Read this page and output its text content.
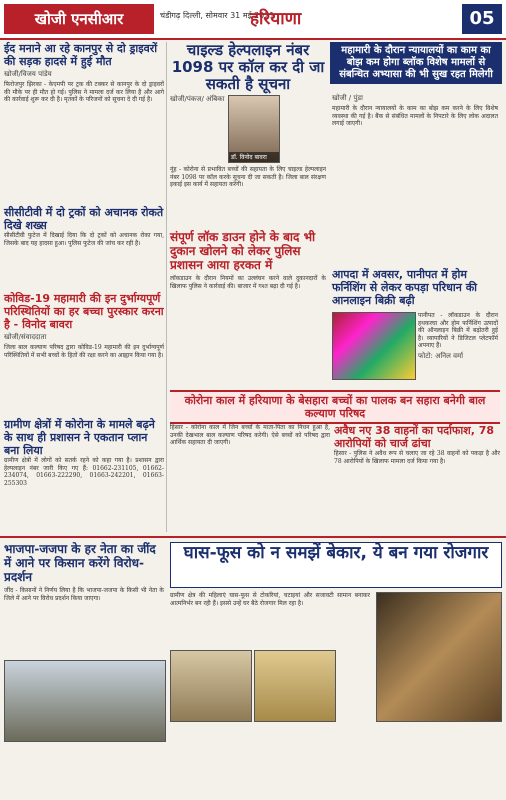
खोजी एनसीआर	चंडीगढ़ दिल्ली, सोमवार 31 मई 2021
हरियाणा	05
ईद मनाने आ रहे कानपुर से दो ड्राइवरों की सड़क हादसे में हुई मौत
खोजी/विजय पांडेय
फिरोजपुर झिरका - केएमपी पर ट्रक की टक्कर से कानपुर के दो ड्राइवरों की मौके पर ही मौत हो गई। पुलिस ने मामला दर्ज कर लिया है और आगे की कार्रवाई शुरू कर दी है। मृतकों के परिजनों को सूचना दे दी गई है।
सीसीटीवी में दो ट्रकों को अचानक रोकते दिखे शख्स
सीसीटीवी फुटेज में दिखाई दिया कि दो ट्रकों को अचानक रोका गया, जिसके बाद यह हादसा हुआ। पुलिस फुटेज की जांच कर रही है।
कोविड-19 महामारी की इन दुर्भाग्यपूर्ण परिस्थितियों का हर बच्चा पुरस्कार करना है - विनोद बावरा
खोजी/संवाददाता
जिला बाल कल्याण परिषद द्वारा कोविड-19 महामारी की इन दुर्भाग्यपूर्ण परिस्थितियों में सभी बच्चों के हितों की रक्षा करने का आह्वान किया गया है।
ग्रामीण क्षेत्रों में कोरोना के मामले बढ़ने के साथ ही प्रशासन ने एकतान प्लान बना लिया
ग्रामीण क्षेत्रों में लोगों को सतर्क रहने को कहा गया है। प्रशासन द्वारा हेल्पलाइन नंबर जारी किए गए हैं: 01662-231105, 01662-234074, 01663-222290, 01663-242201, 01663-255303
चाइल्ड हेल्पलाइन नंबर 1098 पर कॉल कर दी जा सकती है सूचना
खोजी/पंकज/ अंबिका
डॉ. विनोद बावरा
नूंह - कोरोना से प्रभावित बच्चों की सहायता के लिए चाइल्ड हेल्पलाइन नंबर 1098 पर कॉल करके सूचना दी जा सकती है। जिला बाल संरक्षण इकाई इस कार्य में सहायता करेगी।
संपूर्ण लॉक डाउन होने के बाद भी दुकान खोलने को लेकर पुलिस प्रशासन आया हरकत में
लॉकडाउन के दौरान नियमों का उल्लंघन करने वाले दुकानदारों के खिलाफ पुलिस ने कार्रवाई की। बाजार में गश्त बढ़ा दी गई है।
महामारी के दौरान न्यायालयों का काम का बोझ कम होगा ब्लॉक विशेष मामलों से संबन्धित अभ्यासा की भी सुख रहत मिलेगी
खोजी / पुंडा
महामारी के दौरान न्यायालयों के काम का बोझ कम करने के लिए विशेष व्यवस्था की गई है। बैंक से संबंधित मामलों के निपटारे के लिए लोक अदालत लगाई जाएगी।
आपदा में अवसर, पानीपत में होम फर्निशिंग से लेकर कपड़ा परिधान की आनलाइन बिक्री बढ़ी
पानीपत - लॉकडाउन के दौरान हथकरघा और होम फर्निशिंग उत्पादों की ऑनलाइन बिक्री में बढ़ोतरी हुई है। व्यापारियों ने डिजिटल प्लेटफॉर्म अपनाए हैं।
फोटो: अनिल वर्मा
कोरोना काल में हरियाणा के बेसहारा बच्चों का पालक बन सहारा बनेगी बाल कल्याण परिषद
हिसार - कोरोना काल में जिन बच्चों के माता-पिता का निधन हुआ है, उनकी देखभाल बाल कल्याण परिषद करेगी। ऐसे बच्चों को परिषद द्वारा आर्थिक सहायता दी जाएगी।
अवैध नए 38 वाहनों का पर्दाफाश, 78 आरोपियों को चार्ज ढांचा
हिसार - पुलिस ने अवैध रूप से चलाए जा रहे 38 वाहनों को पकड़ा है और 78 आरोपियों के खिलाफ मामला दर्ज किया गया है।
भाजपा-जजपा के हर नेता का जींद में आने पर किसान करेंगे विरोध-प्रदर्शन
जींद - किसानों ने निर्णय लिया है कि भाजपा-जजपा के किसी भी नेता के जिले में आने पर विरोध प्रदर्शन किया जाएगा।
घास-फूस को न समझें बेकार, ये बन गया रोजगार
ग्रामीण क्षेत्र की महिलाएं घास-फूस से टोकरियां, चटाइयां और सजावटी सामान बनाकर आत्मनिर्भर बन रही हैं। इससे उन्हें घर बैठे रोजगार मिल रहा है।
